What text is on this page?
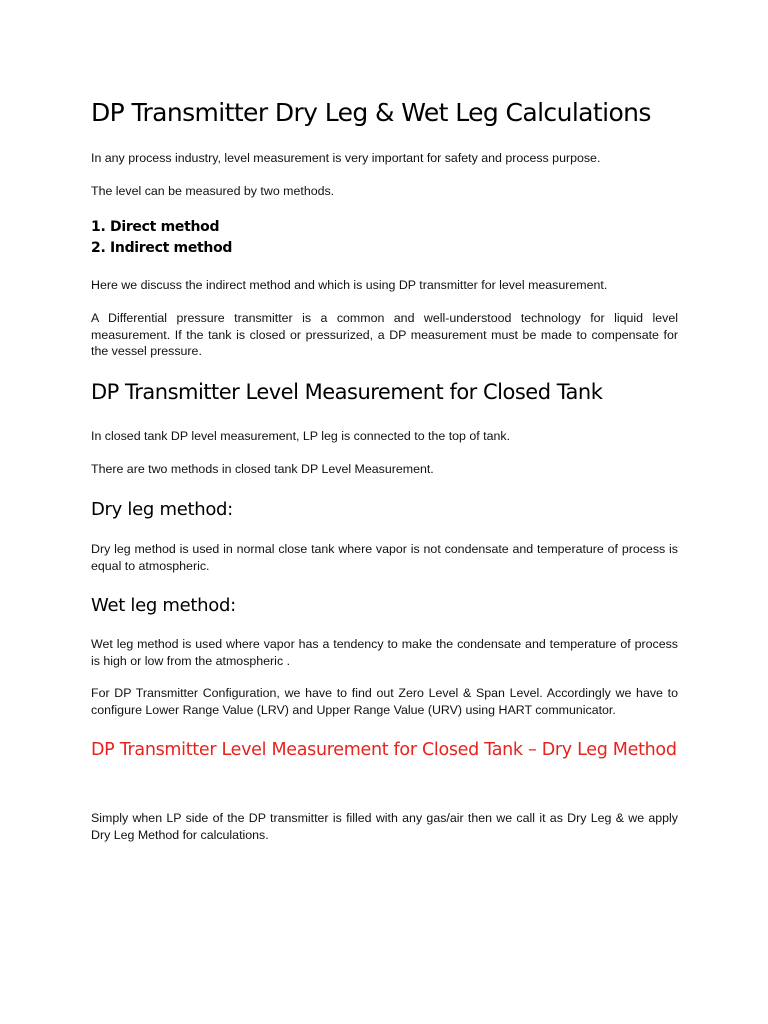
DP Transmitter Dry Leg & Wet Leg Calculations

In any process industry, level measurement is very important for safety and process purpose.

The level can be measured by two methods.

1. Direct method
2. Indirect method

Here we discuss the indirect method and which is using DP transmitter for level measurement.

A Differential pressure transmitter is a common and well-understood technology for liquid level measurement. If the tank is closed or pressurized, a DP measurement must be made to compensate for the vessel pressure.

DP Transmitter Level Measurement for Closed Tank

In closed tank DP level measurement, LP leg is connected to the top of tank.

There are two methods in closed tank DP Level Measurement.

Dry leg method:

Dry leg method is used in normal close tank where vapor is not condensate and temperature of process is equal to atmospheric.

Wet leg method:

Wet leg method is used where vapor has a tendency to make the condensate and temperature of process is high or low from the atmospheric .

For DP Transmitter Configuration, we have to find out Zero Level & Span Level. Accordingly we have to configure Lower Range Value (LRV) and Upper Range Value (URV) using HART communicator.

DP Transmitter Level Measurement for Closed Tank – Dry Leg Method

Simply when LP side of the DP transmitter is filled with any gas/air then we call it as Dry Leg & we apply Dry Leg Method for calculations.
